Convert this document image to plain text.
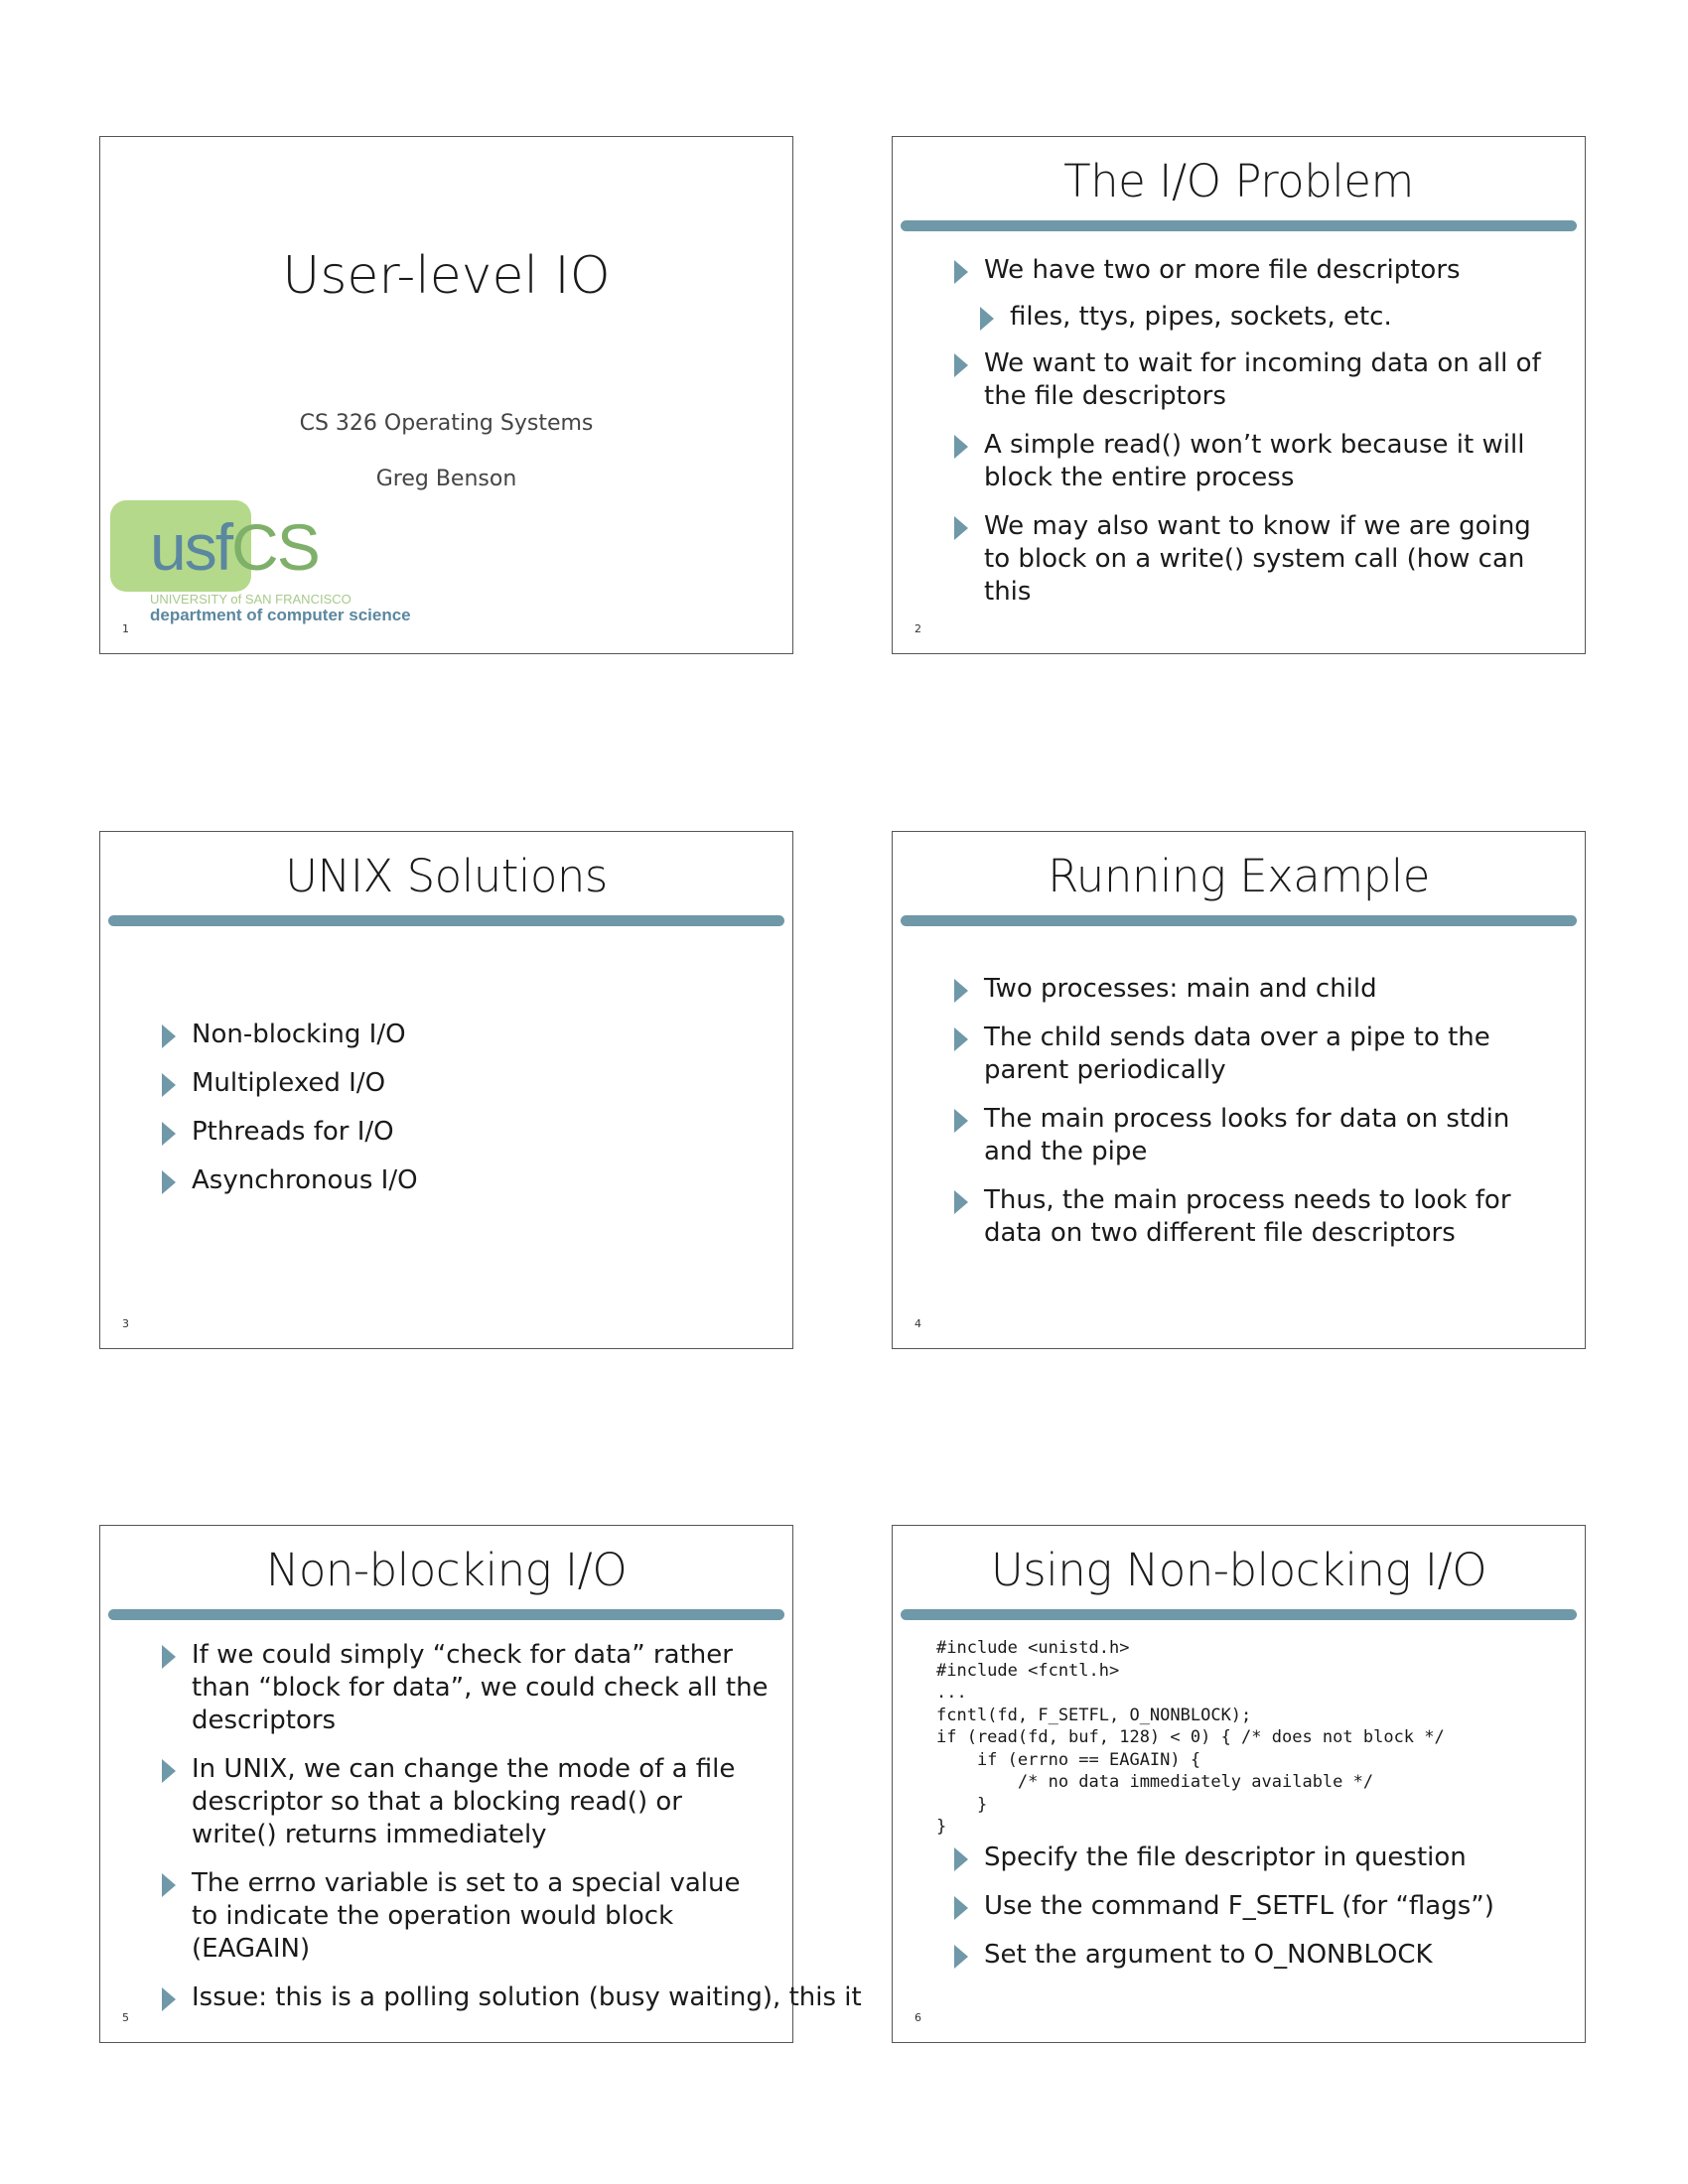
User-level IO
CS 326 Operating Systems
Greg Benson
usfCS
UNIVERSITY of SAN FRANCISCO
department of computer science
1
The I/O Problem
We have two or more file descriptors
files, ttys, pipes, sockets, etc.
We want to wait for incoming data on all of the file descriptors
A simple read() won’t work because it will block the entire process
We may also want to know if we are going to block on a write() system call (how can this
2
UNIX Solutions
Non-blocking I/O
Multiplexed I/O
Pthreads for I/O
Asynchronous I/O
3
Running Example
Two processes: main and child
The child sends data over a pipe to the parent periodically
The main process looks for data on stdin and the pipe
Thus, the main process needs to look for data on two different file descriptors
4
Non-blocking I/O
If we could simply “check for data” rather than “block for data”, we could check all the descriptors
In UNIX, we can change the mode of a file descriptor so that a blocking read() or write() returns immediately
The errno variable is set to a special value to indicate the operation would block (EAGAIN)
Issue: this is a polling solution (busy waiting), this it
5
Using Non-blocking I/O
#include <unistd.h>
#include <fcntl.h>
...
fcntl(fd, F_SETFL, O_NONBLOCK);
if (read(fd, buf, 128) < 0) { /* does not block */
if (errno == EAGAIN) {
/* no data immediately available */
}
}
Specify the file descriptor in question
Use the command F_SETFL (for “flags”)
Set the argument to O_NONBLOCK
6
